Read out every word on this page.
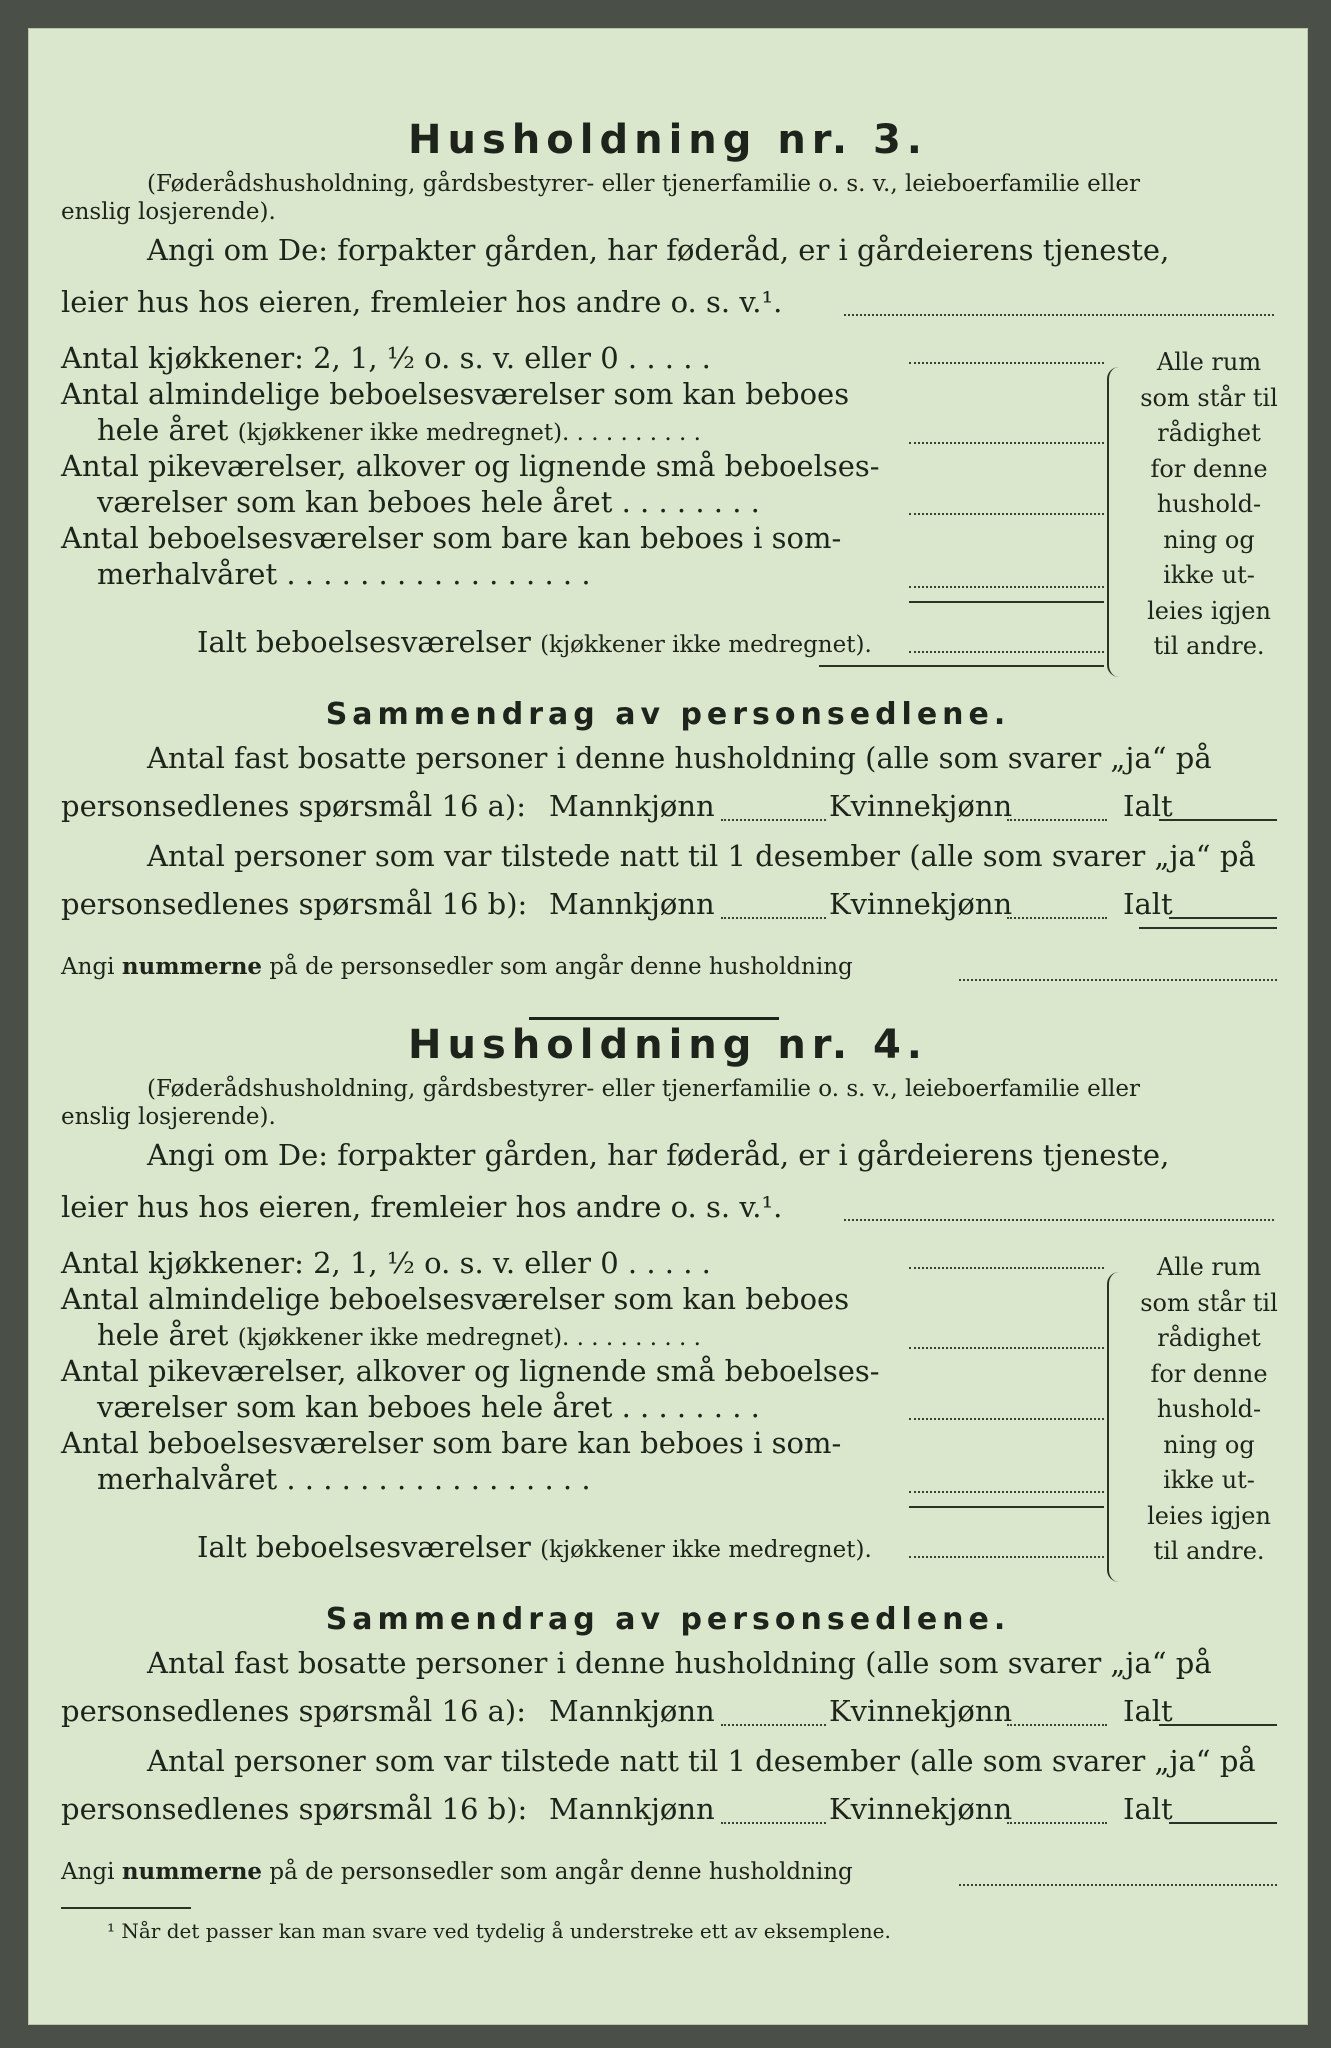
Husholdning nr. 3.
(Føderådshusholdning, gårdsbestyrer- eller tjenerfamilie o. s. v., leieboerfamilie eller
enslig losjerende).
Angi om De: forpakter gården, har føderåd, er i gårdeierens tjeneste,
leier hus hos eieren, fremleier hos andre o. s. v.¹.
Antal kjøkkener: 2, 1, ½ o. s. v. eller 0 . . . . .
Antal almindelige beboelsesværelser som kan beboes
hele året (kjøkkener ikke medregnet). . . . . . . . . .
Antal pikeværelser, alkover og lignende små beboelses-
værelser som kan beboes hele året . . . . . . . .
Antal beboelsesværelser som bare kan beboes i som-
merhalvåret . . . . . . . . . . . . . . . . .
Ialt beboelsesværelser (kjøkkener ikke medregnet).
Alle rum
som står til
rådighet
for denne
hushold-
ning og
ikke ut-
leies igjen
til andre.
Sammendrag av personsedlene.
Antal fast bosatte personer i denne husholdning (alle som svarer „ja“ på
personsedlenes spørsmål 16 a): Mannkjønn	Kvinnekjønn	Ialt
Antal personer som var tilstede natt til 1 desember (alle som svarer „ja“ på
personsedlenes spørsmål 16 b): Mannkjønn	Kvinnekjønn	Ialt
Angi nummerne på de personsedler som angår denne husholdning
Husholdning nr. 4.
(Føderådshusholdning, gårdsbestyrer- eller tjenerfamilie o. s. v., leieboerfamilie eller
enslig losjerende).
Angi om De: forpakter gården, har føderåd, er i gårdeierens tjeneste,
leier hus hos eieren, fremleier hos andre o. s. v.¹.
Antal kjøkkener: 2, 1, ½ o. s. v. eller 0 . . . . .
Antal almindelige beboelsesværelser som kan beboes
hele året (kjøkkener ikke medregnet). . . . . . . . . .
Antal pikeværelser, alkover og lignende små beboelses-
værelser som kan beboes hele året . . . . . . . .
Antal beboelsesværelser som bare kan beboes i som-
merhalvåret . . . . . . . . . . . . . . . . .
Ialt beboelsesværelser (kjøkkener ikke medregnet).
Alle rum
som står til
rådighet
for denne
hushold-
ning og
ikke ut-
leies igjen
til andre.
Sammendrag av personsedlene.
Antal fast bosatte personer i denne husholdning (alle som svarer „ja“ på
personsedlenes spørsmål 16 a): Mannkjønn	Kvinnekjønn	Ialt
Antal personer som var tilstede natt til 1 desember (alle som svarer „ja“ på
personsedlenes spørsmål 16 b): Mannkjønn	Kvinnekjønn	Ialt
Angi nummerne på de personsedler som angår denne husholdning
¹ Når det passer kan man svare ved tydelig å understreke ett av eksemplene.
